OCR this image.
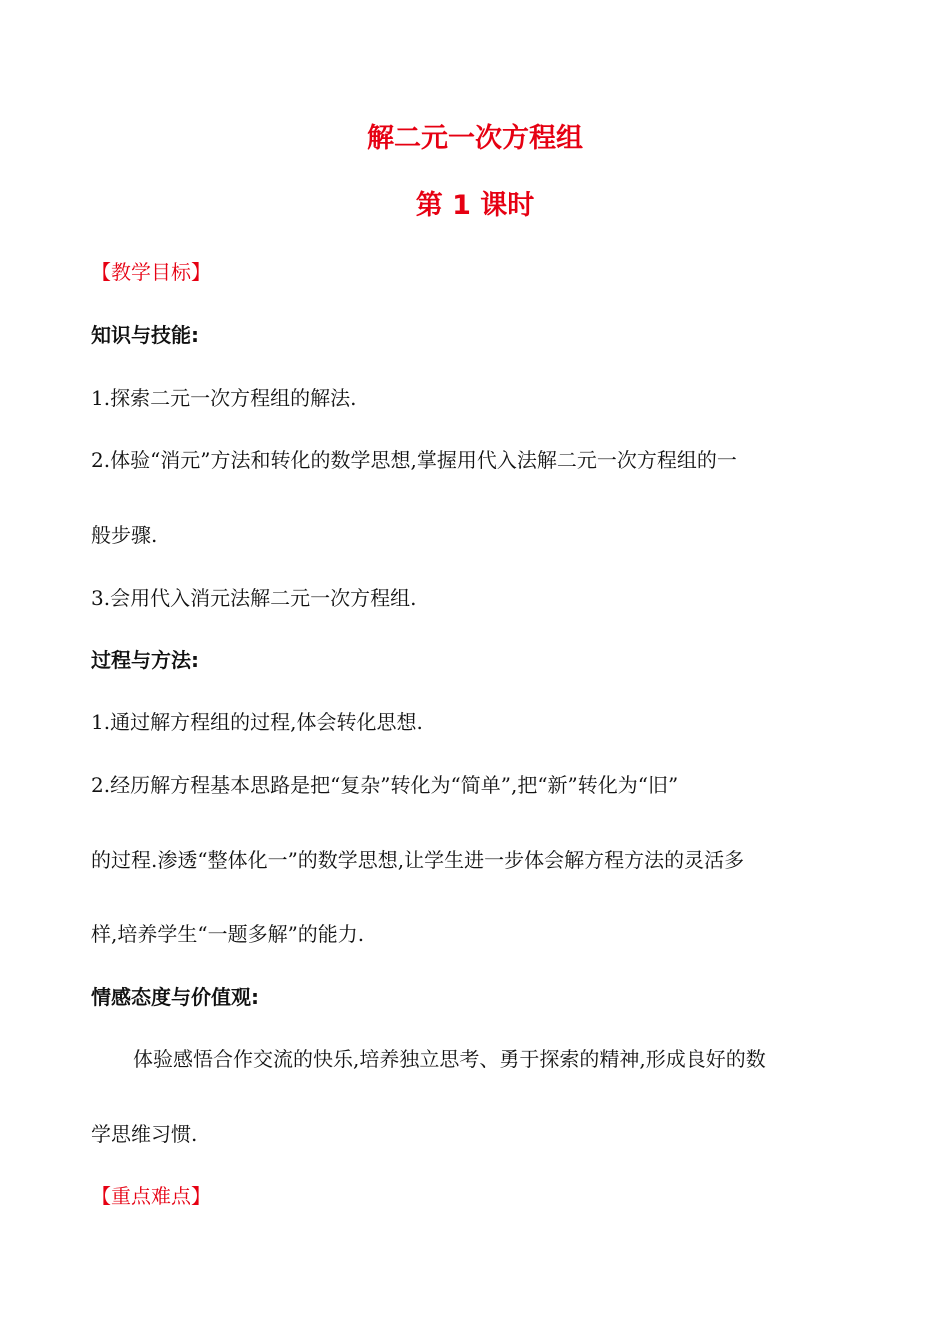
解二元一次方程组
第 1 课时
【教学目标】
知识与技能:
1.探索二元一次方程组的解法.
2.体验“消元”方法和转化的数学思想,掌握用代入法解二元一次方程组的一
般步骤.
3.会用代入消元法解二元一次方程组.
过程与方法:
1.通过解方程组的过程,体会转化思想.
2.经历解方程基本思路是把“复杂”转化为“简单”,把“新”转化为“旧”
的过程.渗透“整体化一”的数学思想,让学生进一步体会解方程方法的灵活多
样,培养学生“一题多解”的能力.
情感态度与价值观:
体验感悟合作交流的快乐,培养独立思考、勇于探索的精神,形成良好的数
学思维习惯.
【重点难点】
